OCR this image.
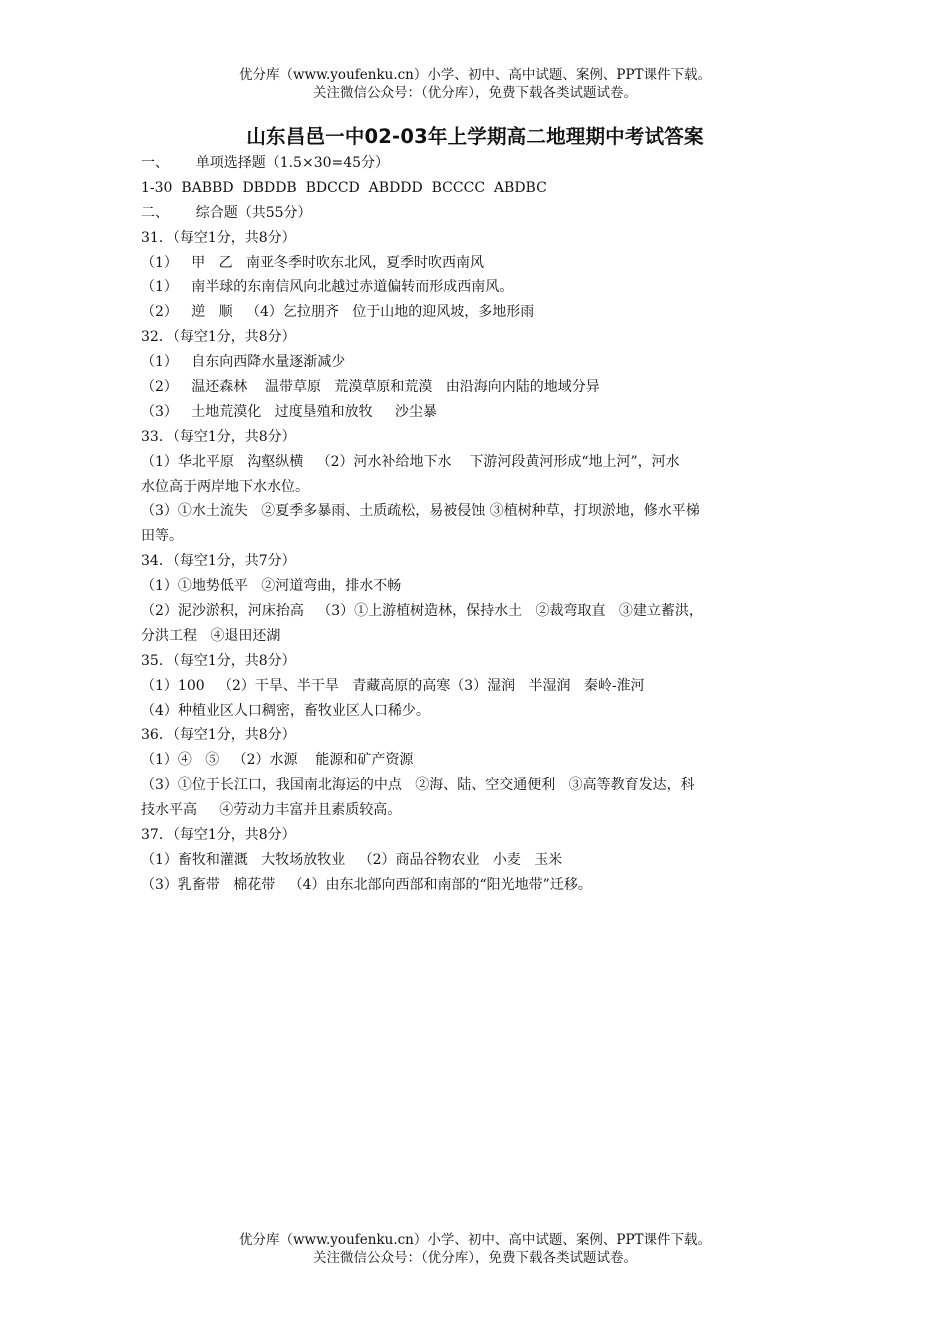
优分库（www.youfenku.cn）小学、初中、高中试题、案例、PPT课件下载。
关注微信公众号：（优分库），免费下载各类试题试卷。
山东昌邑一中02-03年上学期高二地理期中考试答案
一、      单项选择题（1.5×30=45分）
1-30  BABBD  DBDDB  BDCCD  ABDDD  BCCCC  ABDBC
二、      综合题（共55分）
31．（每空1分，共8分）
（1）   甲   乙   南亚冬季时吹东北风，夏季时吹西南风
（1）   南半球的东南信风向北越过赤道偏转而形成西南风。
（2）   逆   顺   （4）乞拉朋齐   位于山地的迎风坡，多地形雨
32．（每空1分，共8分）
（1）   自东向西降水量逐渐减少
（2）   温还森林    温带草原   荒漠草原和荒漠   由沿海向内陆的地域分异
（3）   土地荒漠化   过度垦殖和放牧     沙尘暴
33．（每空1分，共8分）
（1）华北平原   沟壑纵横   （2）河水补给地下水    下游河段黄河形成“地上河”，河水
水位高于两岸地下水水位。
（3）①水土流失   ②夏季多暴雨、土质疏松，易被侵蚀 ③植树种草，打坝淤地，修水平梯
田等。
34．（每空1分，共7分）
（1）①地势低平   ②河道弯曲，排水不畅
（2）泥沙淤积，河床抬高   （3）①上游植树造林，保持水土   ②裁弯取直   ③建立蓄洪，
分洪工程   ④退田还湖
35．（每空1分，共8分）
（1）100   （2）干旱、半干旱   青藏高原的高寒（3）湿润   半湿润   秦岭-淮河
（4）种植业区人口稠密，畜牧业区人口稀少。
36．（每空1分，共8分）
（1）④   ⑤   （2）水源    能源和矿产资源
（3）①位于长江口，我国南北海运的中点   ②海、陆、空交通便利   ③高等教育发达，科
技水平高     ④劳动力丰富并且素质较高。
37．（每空1分，共8分）
（1）畜牧和灌溉   大牧场放牧业   （2）商品谷物农业   小麦   玉米
（3）乳畜带   棉花带   （4）由东北部向西部和南部的“阳光地带”迁移。
优分库（www.youfenku.cn）小学、初中、高中试题、案例、PPT课件下载。
关注微信公众号：（优分库），免费下载各类试题试卷。
